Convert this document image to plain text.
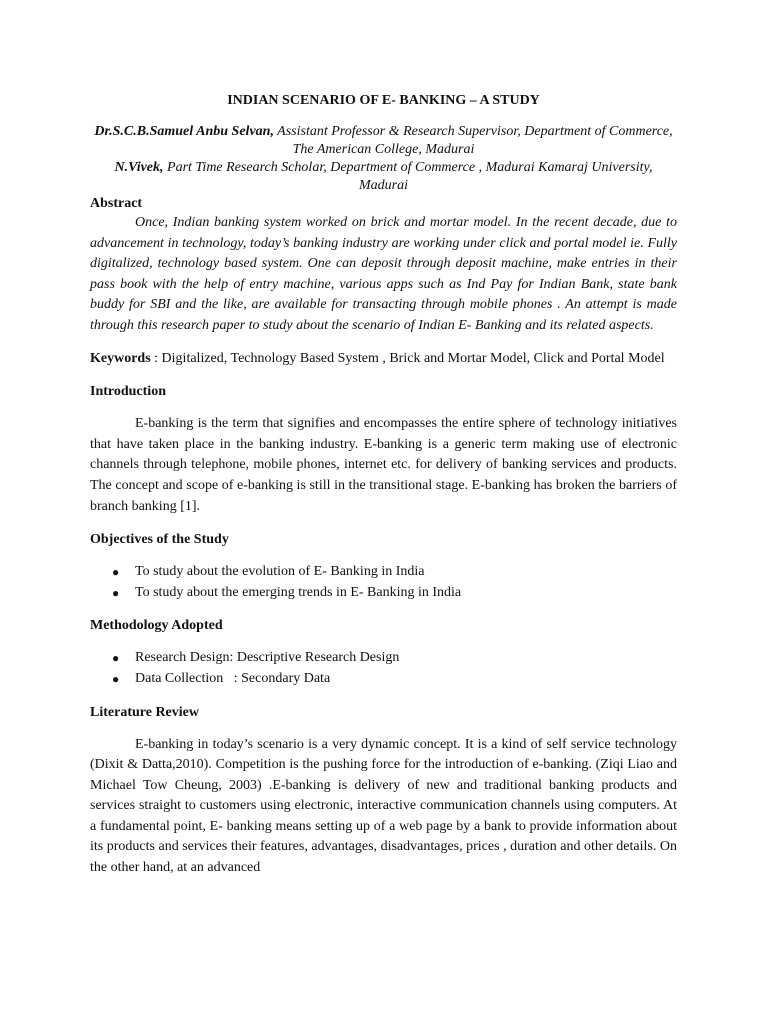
INDIAN SCENARIO OF E- BANKING – A STUDY

Dr.S.C.B.Samuel Anbu Selvan, Assistant Professor & Research Supervisor, Department of Commerce, The American College, Madurai

N.Vivek, Part Time Research Scholar, Department of Commerce , Madurai Kamaraj University, Madurai

Abstract

Once, Indian banking system worked on brick and mortar model. In the recent decade, due to advancement in technology, today’s banking industry are working under click and portal model ie. Fully digitalized, technology based system. One can deposit through deposit machine, make entries in their pass book with the help of entry machine, various apps such as Ind Pay for Indian Bank, state bank buddy for SBI and the like, are available for transacting through mobile phones . An attempt is made through this research paper to study about the scenario of Indian E- Banking and its related aspects.

Keywords : Digitalized, Technology Based System , Brick and Mortar Model, Click and Portal Model

Introduction

E-banking is the term that signifies and encompasses the entire sphere of technology initiatives that have taken place in the banking industry. E-banking is a generic term making use of electronic channels through telephone, mobile phones, internet etc. for delivery of banking services and products. The concept and scope of e-banking is still in the transitional stage. E-banking has broken the barriers of branch banking [1].

Objectives of the Study
● To study about the evolution of E- Banking in India
● To study about the emerging trends in E- Banking in India
Methodology Adopted
● Research Design: Descriptive Research Design
● Data Collection   : Secondary Data
Literature Review

E-banking in today’s scenario is a very dynamic concept. It is a kind of self service technology (Dixit & Datta,2010). Competition is the pushing force for the introduction of e-banking. (Ziqi Liao and Michael Tow Cheung, 2003) .E-banking is delivery of new and traditional banking products and services straight to customers using electronic, interactive communication channels using computers. At a fundamental point, E- banking means setting up of a web page by a bank to provide information about its products and services their features, advantages, disadvantages, prices , duration and other details. On the other hand, at an advanced
